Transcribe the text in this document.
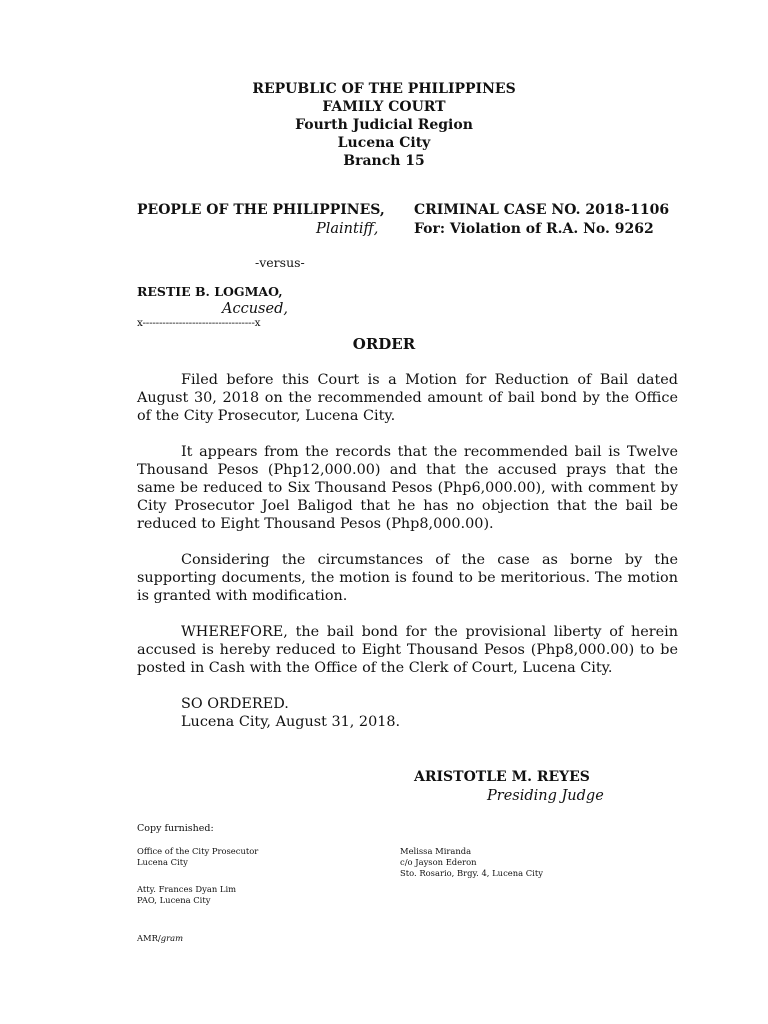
REPUBLIC OF THE PHILIPPINES
FAMILY COURT
Fourth Judicial Region
Lucena City
Branch 15
PEOPLE OF THE PHILIPPINES,
Plaintiff,
CRIMINAL CASE NO. 2018-1106
For: Violation of R.A. No. 9262
-versus-
RESTIE B. LOGMAO,
Accused,
x----------------------------------x
ORDER
Filed before this Court is a Motion for Reduction of Bail dated August 30, 2018 on the recommended amount of bail bond by the Office of the City Prosecutor, Lucena City.
It appears from the records that the recommended bail is Twelve Thousand Pesos (Php12,000.00) and that the accused prays that the same be reduced to Six Thousand Pesos (Php6,000.00), with comment by City Prosecutor Joel Baligod that he has no objection that the bail be reduced to Eight Thousand Pesos (Php8,000.00).
Considering the circumstances of the case as borne by the supporting documents, the motion is found to be meritorious. The motion is granted with modification.
WHEREFORE, the bail bond for the provisional liberty of herein accused is hereby reduced to Eight Thousand Pesos (Php8,000.00) to be posted in Cash with the Office of the Clerk of Court, Lucena City.
SO ORDERED.
Lucena City, August 31, 2018.
ARISTOTLE M. REYES
Presiding Judge
Copy furnished:
Office of the City Prosecutor
Lucena City
Atty. Frances Dyan Lim
PAO, Lucena City
Melissa Miranda
c/o Jayson Ederon
Sto. Rosario, Brgy. 4, Lucena City
AMR/gram
